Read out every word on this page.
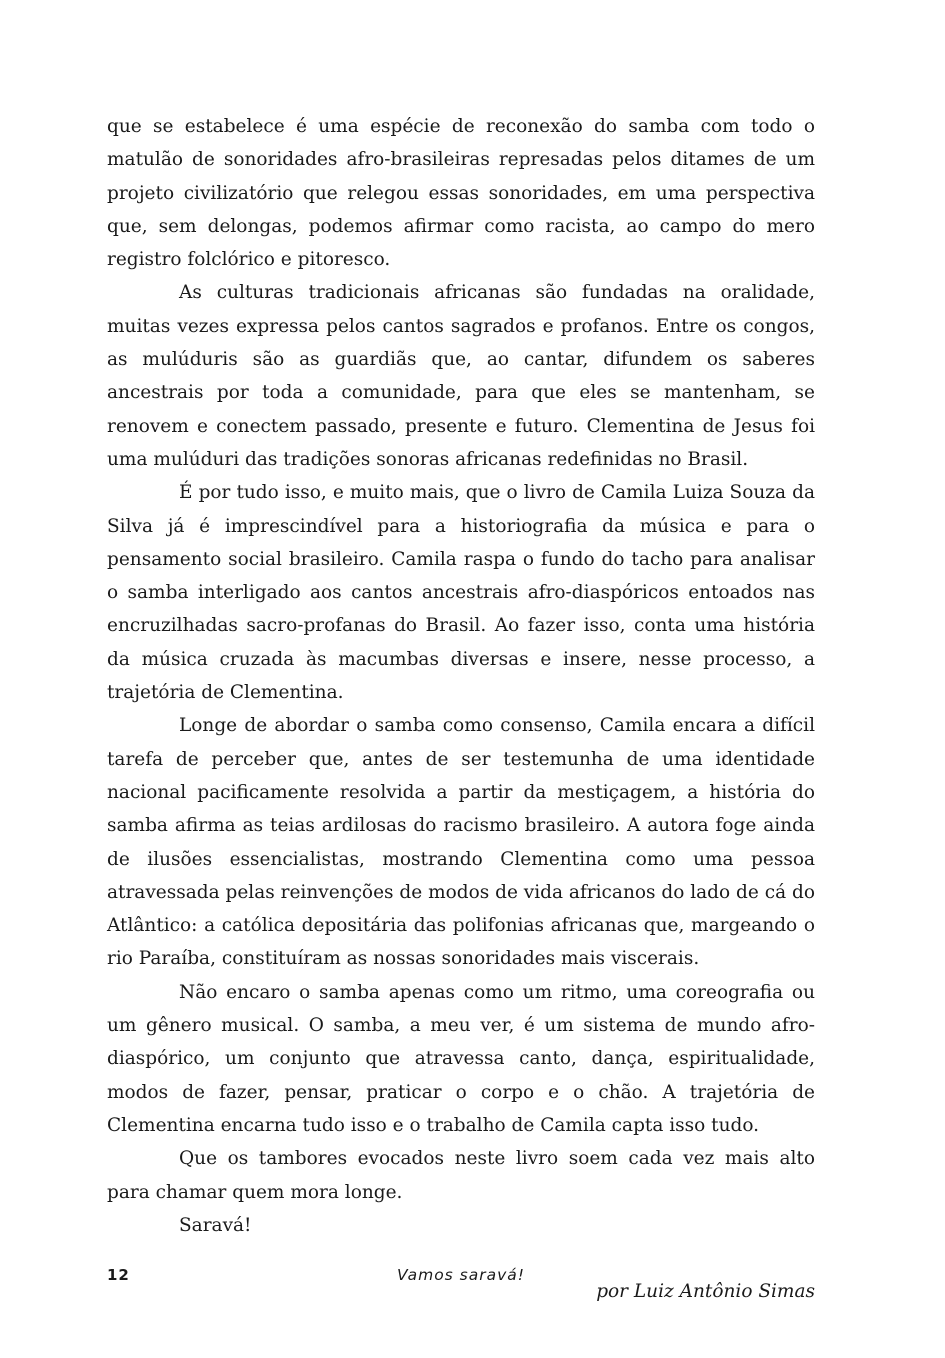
que se estabelece é uma espécie de reconexão do samba com todo o matulão de sonoridades afro-brasileiras represadas pelos ditames de um projeto civilizatório que relegou essas sonoridades, em uma perspectiva que, sem delongas, podemos afirmar como racista, ao campo do mero registro folclórico e pitoresco.

As culturas tradicionais africanas são fundadas na oralidade, muitas vezes expressa pelos cantos sagrados e profanos. Entre os congos, as mulúduris são as guardiãs que, ao cantar, difundem os saberes ancestrais por toda a comunidade, para que eles se mantenham, se renovem e conectem passado, presente e futuro. Clementina de Jesus foi uma mulúduri das tradições sonoras africanas redefinidas no Brasil.

É por tudo isso, e muito mais, que o livro de Camila Luiza Souza da Silva já é imprescindível para a historiografia da música e para o pensamento social brasileiro. Camila raspa o fundo do tacho para analisar o samba interligado aos cantos ancestrais afro-diaspóricos entoados nas encruzilhadas sacro-profanas do Brasil. Ao fazer isso, conta uma história da música cruzada às macumbas diversas e insere, nesse processo, a trajetória de Clementina.

Longe de abordar o samba como consenso, Camila encara a difícil tarefa de perceber que, antes de ser testemunha de uma identidade nacional pacificamente resolvida a partir da mestiçagem, a história do samba afirma as teias ardilosas do racismo brasileiro. A autora foge ainda de ilusões essencialistas, mostrando Clementina como uma pessoa atravessada pelas reinvenções de modos de vida africanos do lado de cá do Atlântico: a católica depositária das polifonias africanas que, margeando o rio Paraíba, constituíram as nossas sonoridades mais viscerais.

Não encaro o samba apenas como um ritmo, uma coreografia ou um gênero musical. O samba, a meu ver, é um sistema de mundo afro-diaspórico, um conjunto que atravessa canto, dança, espiritualidade, modos de fazer, pensar, praticar o corpo e o chão. A trajetória de Clementina encarna tudo isso e o trabalho de Camila capta isso tudo.

Que os tambores evocados neste livro soem cada vez mais alto para chamar quem mora longe.

Saravá!

por Luiz Antônio Simas

12	Vamos saravá!
